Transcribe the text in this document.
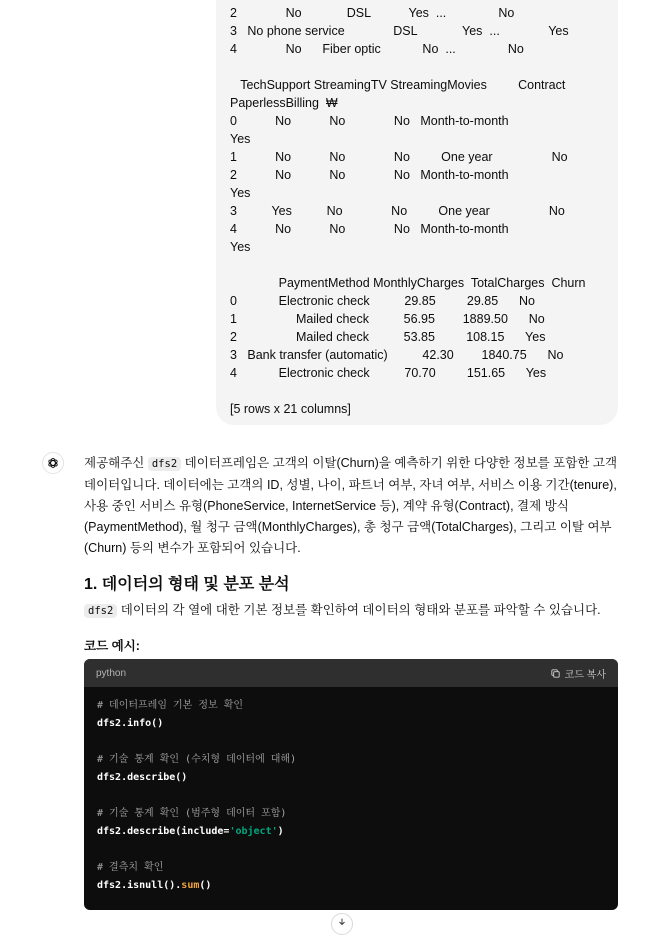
2              No             DSL           Yes  ...               No
3   No phone service              DSL             Yes  ...              Yes
4              No      Fiber optic            No  ...               No
TechSupport StreamingTV StreamingMovies         Contract
PaperlessBilling  ₩
0           No           No              No   Month-to-month
Yes
1           No           No              No         One year                 No
2           No           No              No   Month-to-month
Yes
3          Yes          No              No         One year                 No
4           No           No              No   Month-to-month
Yes
PaymentMethod MonthlyCharges  TotalCharges  Churn
0            Electronic check          29.85         29.85      No
1                 Mailed check          56.95        1889.50      No
2                 Mailed check          53.85         108.15      Yes
3   Bank transfer (automatic)          42.30        1840.75      No
4            Electronic check          70.70         151.65      Yes
[5 rows x 21 columns]
제공해주신 dfs2 데이터프레임은 고객의 이탈(Churn)을 예측하기 위한 다양한 정보를 포함한 고객 데이터입니다. 데이터에는 고객의 ID, 성별, 나이, 파트너 여부, 자녀 여부, 서비스 이용 기간(tenure), 사용 중인 서비스 유형(PhoneService, InternetService 등), 계약 유형(Contract), 결제 방식(PaymentMethod), 월 청구 금액(MonthlyCharges), 총 청구 금액(TotalCharges), 그리고 이탈 여부(Churn) 등의 변수가 포함되어 있습니다.
1. 데이터의 형태 및 분포 분석
dfs2 데이터의 각 열에 대한 기본 정보를 확인하여 데이터의 형태와 분포를 파악할 수 있습니다.
코드 예시:
python	코드 복사
# 데이터프레임 기본 정보 확인
dfs2.info()
# 기술 통계 확인 (수치형 데이터에 대해)
dfs2.describe()
# 기술 통계 확인 (범주형 데이터 포함)
dfs2.describe(include='object')
# 결측치 확인
dfs2.isnull().sum()
